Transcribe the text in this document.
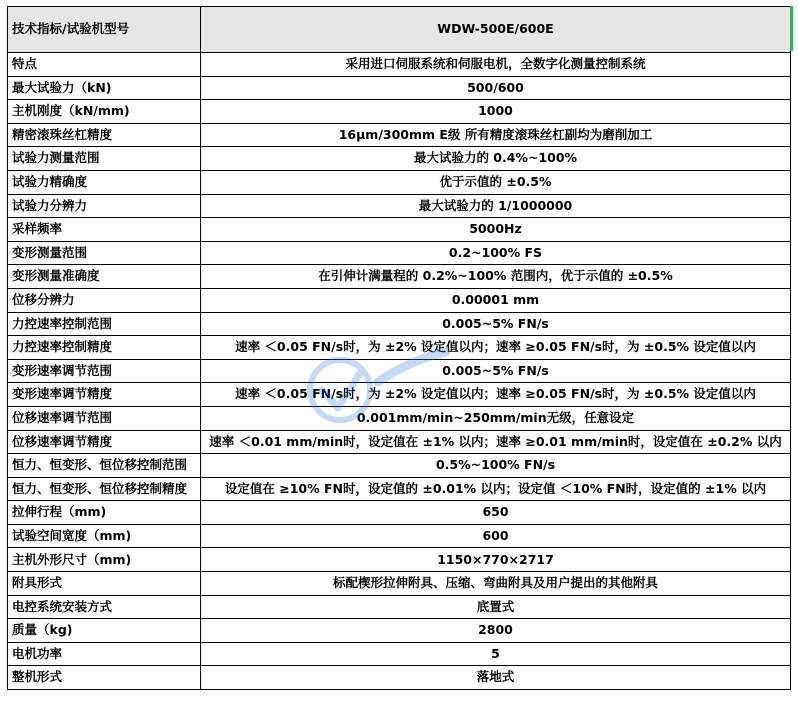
技术指标/试验机型号	WDW-500E/600E
特点	采用进口伺服系统和伺服电机，全数字化测量控制系统
最大试验力（kN)	500/600
主机刚度（kN/mm)	1000
精密滚珠丝杠精度	16μm/300mm E级 所有精度滚珠丝杠副均为磨削加工
试验力测量范围	最大试验力的 0.4%~100%
试验力精确度	优于示值的 ±0.5%
试验力分辨力	最大试验力的 1/1000000
采样频率	5000Hz
变形测量范围	0.2~100% FS
变形测量准确度	在引伸计满量程的 0.2%~100% 范围内，优于示值的 ±0.5%
位移分辨力	0.00001 mm
力控速率控制范围	0.005~5% FN/s
力控速率控制精度	速率 ＜0.05 FN/s时，为 ±2% 设定值以内；速率 ≥0.05 FN/s时，为 ±0.5% 设定值以内
变形速率调节范围	0.005~5% FN/s
变形速率调节精度	速率 ＜0.05 FN/s时，为 ±2% 设定值以内；速率 ≥0.05 FN/s时，为 ±0.5% 设定值以内
位移速率调节范围	0.001mm/min~250mm/min无级，任意设定
位移速率调节精度	速率 ＜0.01 mm/min时，设定值在 ±1% 以内；速率 ≥0.01 mm/min时，设定值在 ±0.2% 以内
恒力、恒变形、恒位移控制范围	0.5%~100% FN/s
恒力、恒变形、恒位移控制精度	设定值在 ≥10% FN时，设定值的 ±0.01% 以内；设定值 ＜10% FN时，设定值的 ±1% 以内
拉伸行程（mm)	650
试验空间宽度（mm)	600
主机外形尺寸（mm)	1150×770×2717
附具形式	标配楔形拉伸附具、压缩、弯曲附具及用户提出的其他附具
电控系统安装方式	底置式
质量（kg)	2800
电机功率	5
整机形式	落地式
